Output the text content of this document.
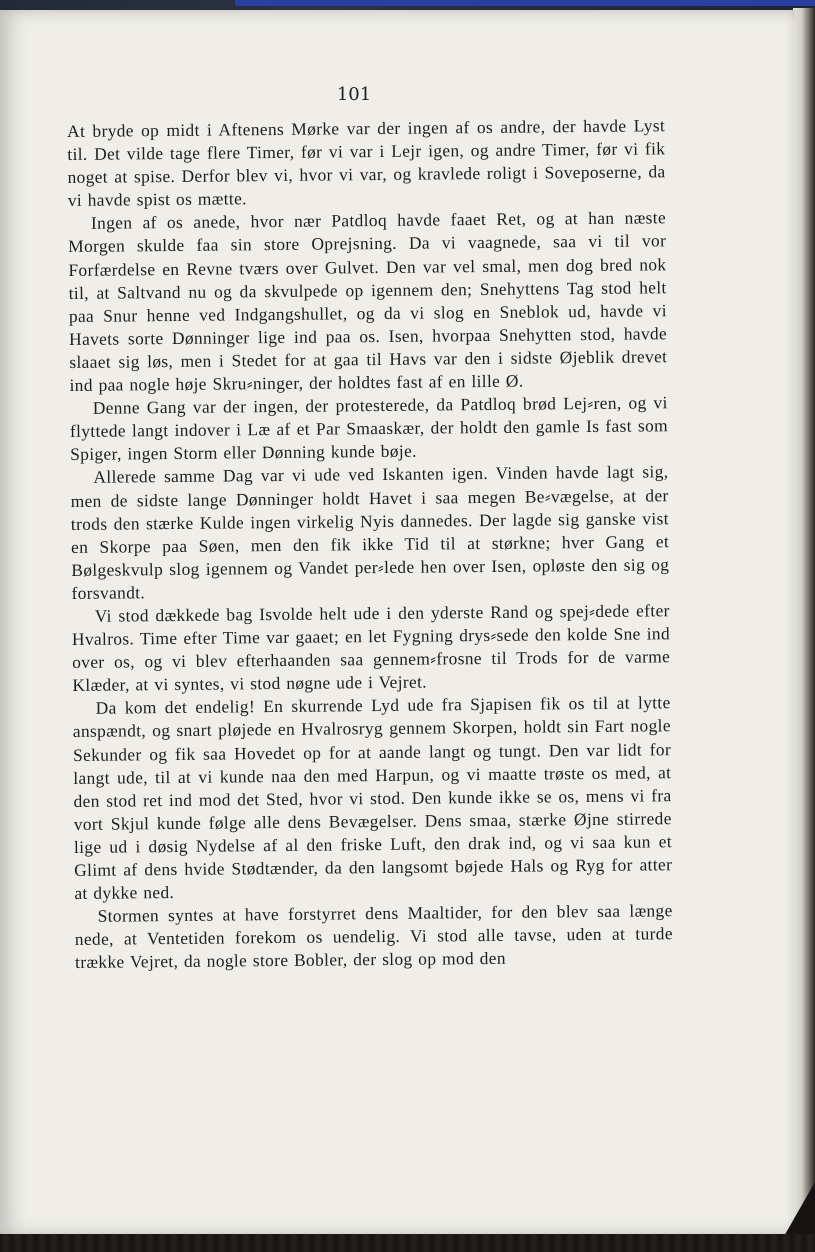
101

At bryde op midt i Aftenens Mørke var der ingen af os andre, der havde Lyst til. Det vilde tage flere Timer, før vi var i Lejr igen, og andre Timer, før vi fik noget at spise. Derfor blev vi, hvor vi var, og kravlede roligt i Soveposerne, da vi havde spist os mætte.

Ingen af os anede, hvor nær Patdloq havde faaet Ret, og at han næste Morgen skulde faa sin store Oprejsning. Da vi vaagnede, saa vi til vor Forfærdelse en Revne tværs over Gulvet. Den var vel smal, men dog bred nok til, at Saltvand nu og da skvulpede op igennem den; Snehyttens Tag stod helt paa Snur henne ved Indgangshullet, og da vi slog en Sneblok ud, havde vi Havets sorte Dønninger lige ind paa os. Isen, hvorpaa Snehytten stod, havde slaaet sig løs, men i Stedet for at gaa til Havs var den i sidste Øjeblik drevet ind paa nogle høje Skru⸗ninger, der holdtes fast af en lille Ø.

Denne Gang var der ingen, der protesterede, da Patdloq brød Lej⸗ren, og vi flyttede langt indover i Læ af et Par Smaaskær, der holdt den gamle Is fast som Spiger, ingen Storm eller Dønning kunde bøje.

Allerede samme Dag var vi ude ved Iskanten igen. Vinden havde lagt sig, men de sidste lange Dønninger holdt Havet i saa megen Be⸗vægelse, at der trods den stærke Kulde ingen virkelig Nyis dannedes. Der lagde sig ganske vist en Skorpe paa Søen, men den fik ikke Tid til at størkne; hver Gang et Bølgeskvulp slog igennem og Vandet per⸗lede hen over Isen, opløste den sig og forsvandt.

Vi stod dækkede bag Isvolde helt ude i den yderste Rand og spej⸗dede efter Hvalros. Time efter Time var gaaet; en let Fygning drys⸗sede den kolde Sne ind over os, og vi blev efterhaanden saa gennem⸗frosne til Trods for de varme Klæder, at vi syntes, vi stod nøgne ude i Vejret.

Da kom det endelig! En skurrende Lyd ude fra Sjapisen fik os til at lytte anspændt, og snart pløjede en Hvalrosryg gennem Skorpen, holdt sin Fart nogle Sekunder og fik saa Hovedet op for at aande langt og tungt. Den var lidt for langt ude, til at vi kunde naa den med Harpun, og vi maatte trøste os med, at den stod ret ind mod det Sted, hvor vi stod. Den kunde ikke se os, mens vi fra vort Skjul kunde følge alle dens Bevægelser. Dens smaa, stærke Øjne stirrede lige ud i døsig Nydelse af al den friske Luft, den drak ind, og vi saa kun et Glimt af dens hvide Stødtænder, da den langsomt bøjede Hals og Ryg for atter at dykke ned.

Stormen syntes at have forstyrret dens Maaltider, for den blev saa længe nede, at Ventetiden forekom os uendelig. Vi stod alle tavse, uden at turde trække Vejret, da nogle store Bobler, der slog op mod den
